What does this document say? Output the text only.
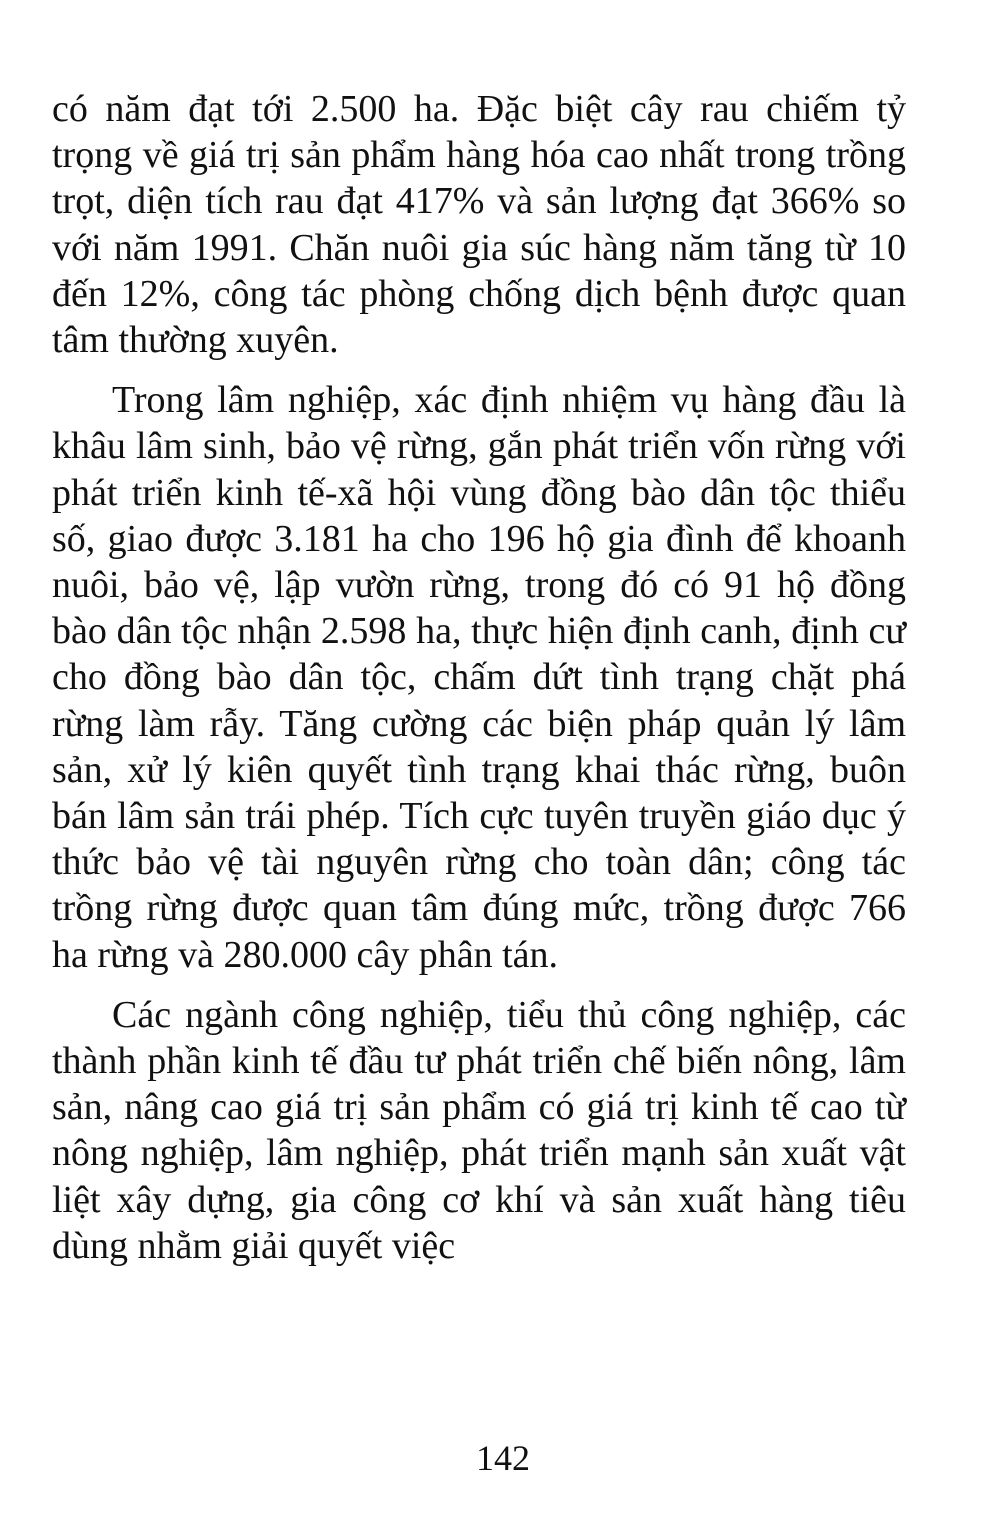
có năm đạt tới 2.500 ha. Đặc biệt cây rau chiếm tỷ trọng về giá trị sản phẩm hàng hóa cao nhất trong trồng trọt, diện tích rau đạt 417% và sản lượng đạt 366% so với năm 1991. Chăn nuôi gia súc hàng năm tăng từ 10 đến 12%, công tác phòng chống dịch bệnh được quan tâm thường xuyên.

Trong lâm nghiệp, xác định nhiệm vụ hàng đầu là khâu lâm sinh, bảo vệ rừng, gắn phát triển vốn rừng với phát triển kinh tế-xã hội vùng đồng bào dân tộc thiểu số, giao được 3.181 ha cho 196 hộ gia đình để khoanh nuôi, bảo vệ, lập vườn rừng, trong đó có 91 hộ đồng bào dân tộc nhận 2.598 ha, thực hiện định canh, định cư cho đồng bào dân tộc, chấm dứt tình trạng chặt phá rừng làm rẫy. Tăng cường các biện pháp quản lý lâm sản, xử lý kiên quyết tình trạng khai thác rừng, buôn bán lâm sản trái phép. Tích cực tuyên truyền giáo dục ý thức bảo vệ tài nguyên rừng cho toàn dân; công tác trồng rừng được quan tâm đúng mức, trồng được 766 ha rừng và 280.000 cây phân tán.

Các ngành công nghiệp, tiểu thủ công nghiệp, các thành phần kinh tế đầu tư phát triển chế biến nông, lâm sản, nâng cao giá trị sản phẩm có giá trị kinh tế cao từ nông nghiệp, lâm nghiệp, phát triển mạnh sản xuất vật liệt xây dựng, gia công cơ khí và sản xuất hàng tiêu dùng nhằm giải quyết việc

142
